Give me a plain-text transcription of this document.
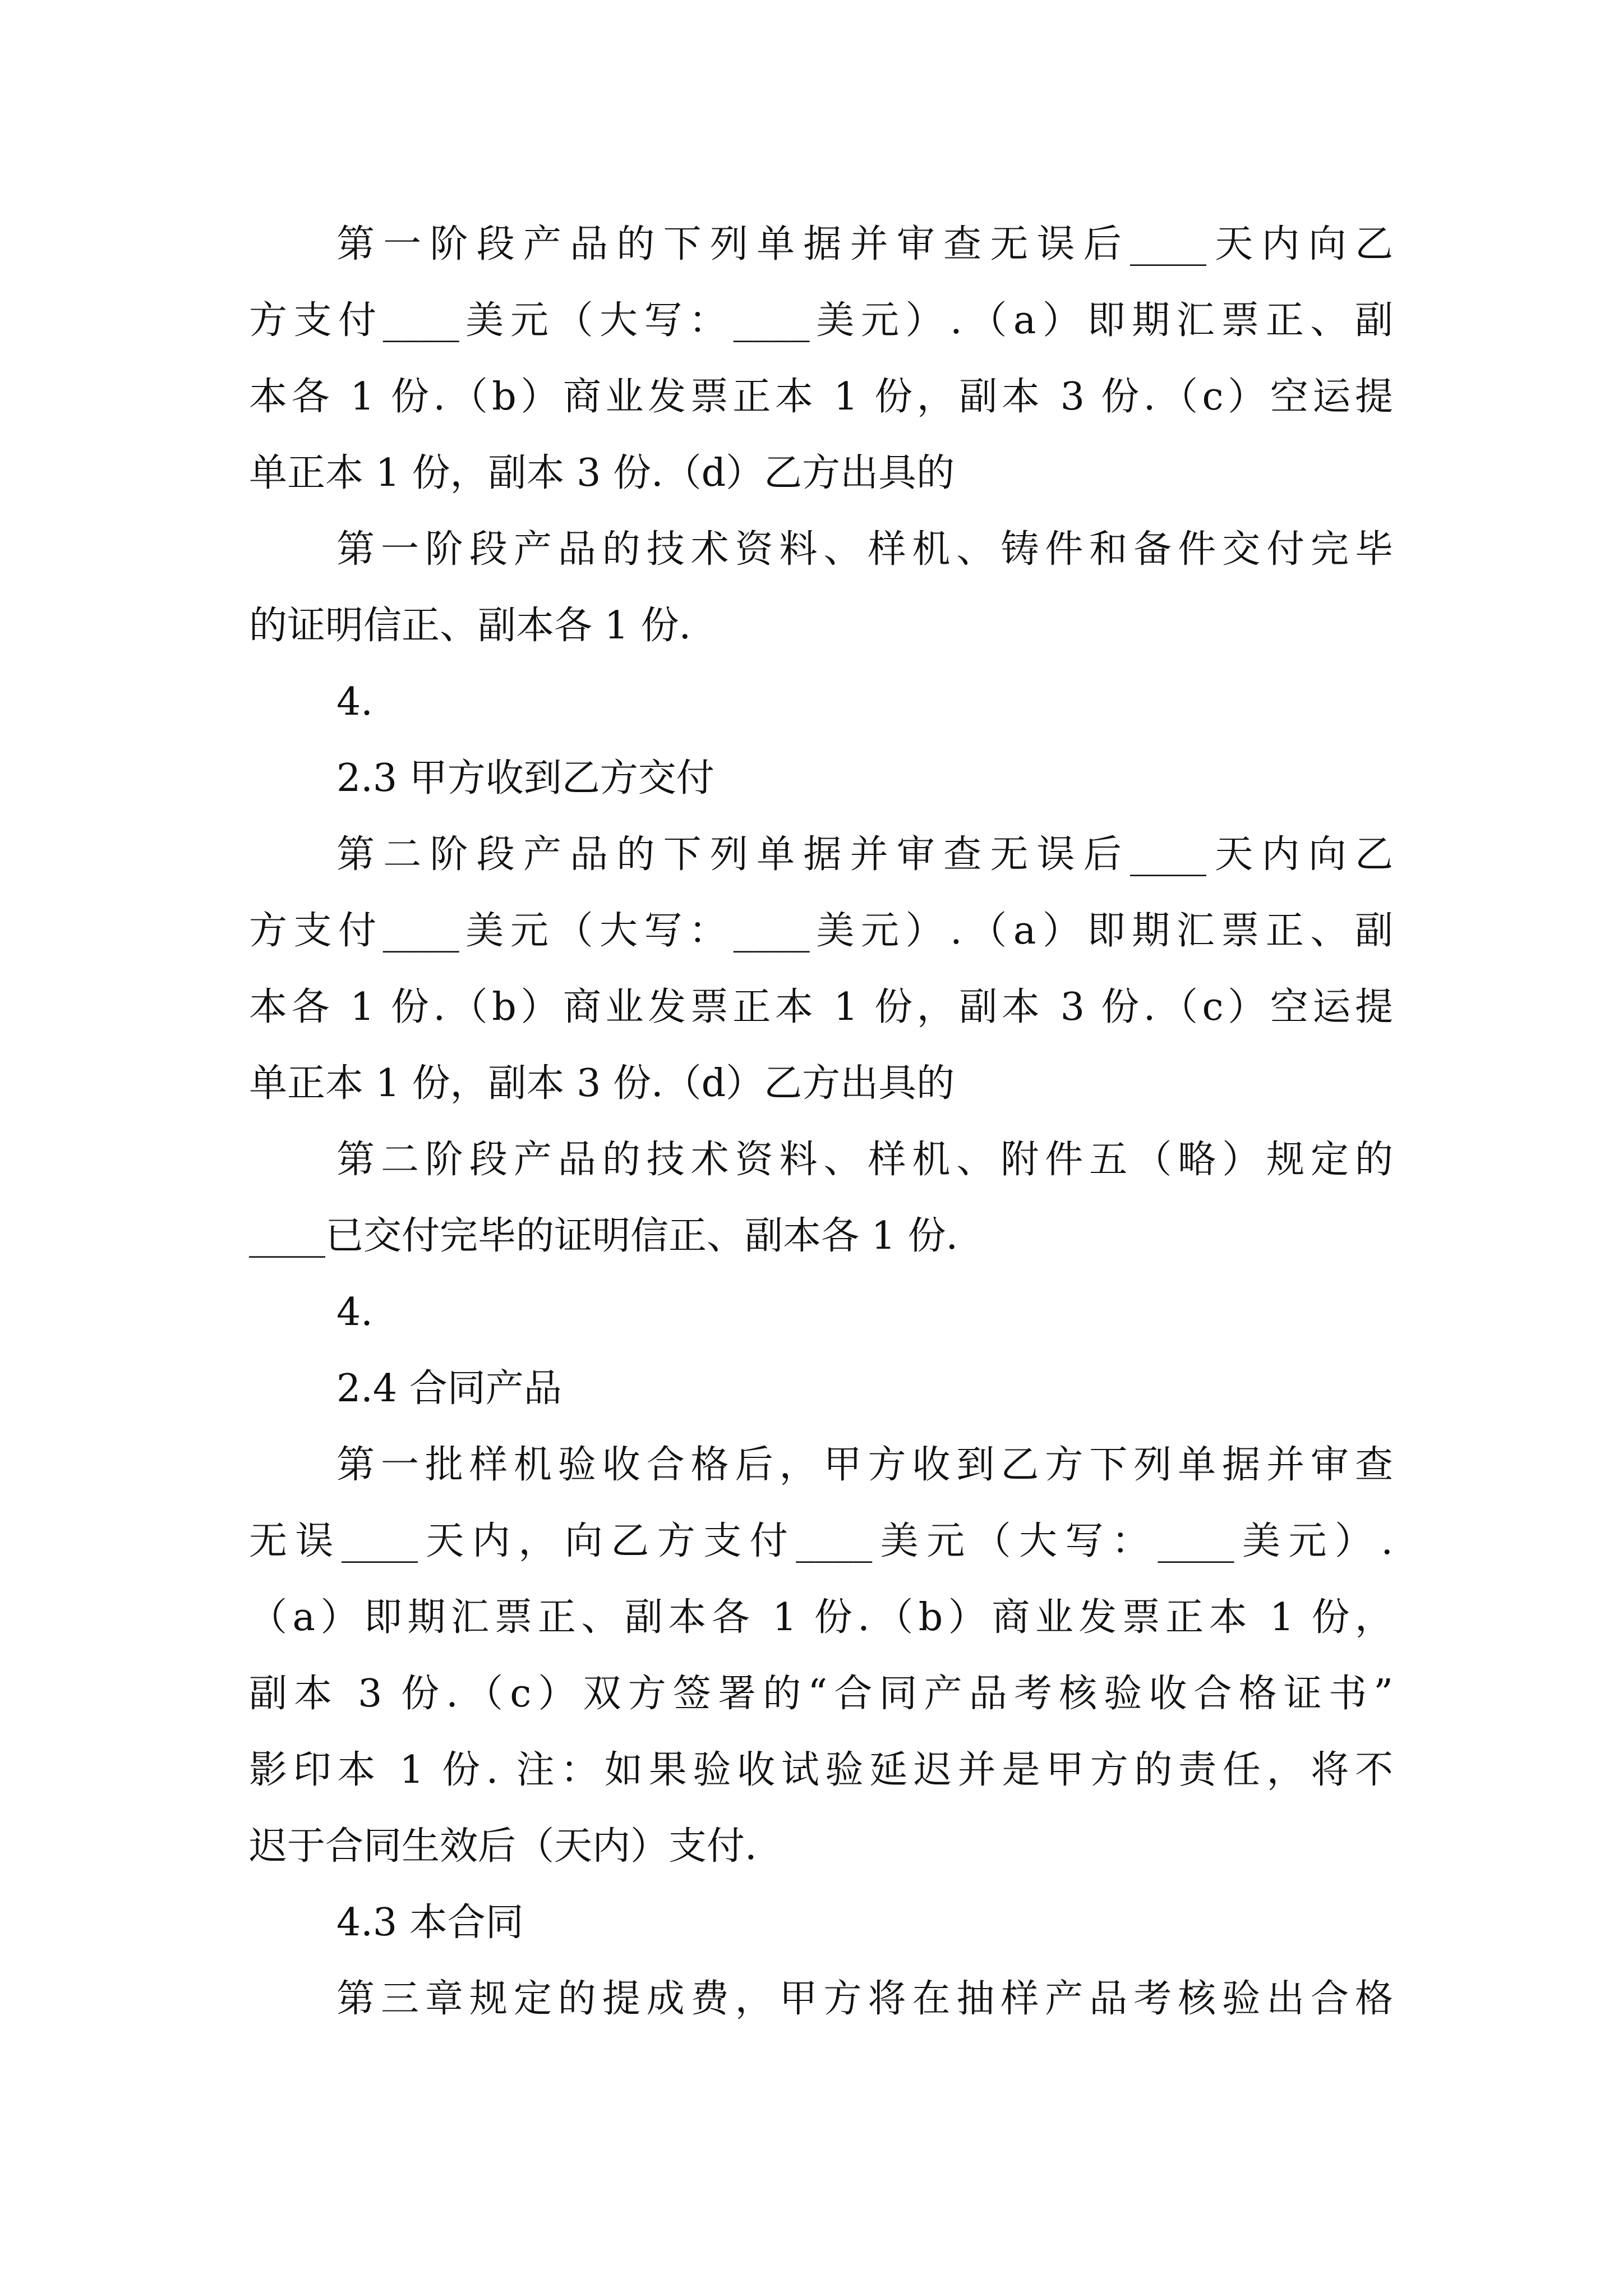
第一阶段产品的下列单据并审查无误后____天内向乙
方支付____美元（大写：____美元）.（a）即期汇票正、副
本各 1 份.（b）商业发票正本 1 份，副本 3 份.（c）空运提
单正本 1 份，副本 3 份.（d）乙方出具的
第一阶段产品的技术资料、样机、铸件和备件交付完毕
的证明信正、副本各 1 份.
4.
2.3 甲方收到乙方交付
第二阶段产品的下列单据并审查无误后____天内向乙
方支付____美元（大写：____美元）.（a）即期汇票正、副
本各 1 份.（b）商业发票正本 1 份，副本 3 份.（c）空运提
单正本 1 份，副本 3 份.（d）乙方出具的
第二阶段产品的技术资料、样机、附件五（略）规定的
____已交付完毕的证明信正、副本各 1 份.
4.
2.4 合同产品
第一批样机验收合格后，甲方收到乙方下列单据并审查
无误____天内，向乙方支付____美元（大写：____美元）.
（a）即期汇票正、副本各 1 份.（b）商业发票正本 1 份，
副本 3 份.（c）双方签署的“合同产品考核验收合格证书”
影印本 1 份. 注：如果验收试验延迟并是甲方的责任，将不
迟于合同生效后（天内）支付.
4.3 本合同
第三章规定的提成费，甲方将在抽样产品考核验出合格
